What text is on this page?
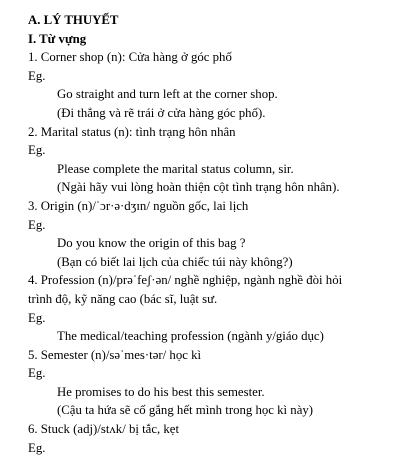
A. LÝ THUYẾT
I. Từ vựng
1. Corner shop (n): Cửa hàng ở góc phố
Eg.
Go straight and turn left at the corner shop.
(Đi thẳng và rẽ trái ở cửa hàng góc phố).
2. Marital status (n): tình trạng hôn nhân
Eg.
Please complete the marital status column, sir.
(Ngài hãy vui lòng hoàn thiện cột tình trạng hôn nhân).
3. Origin (n)/ˈɔr·ə·dʒɪn/ nguồn gốc, lai lịch
Eg.
Do you know the origin of this bag ?
(Bạn có biết lai lịch của chiếc túi này không?)
4. Profession (n)/prəˈfeʃ·ən/ nghề nghiệp, ngành nghề đòi hỏi
trình độ, kỹ năng cao (bác sĩ, luật sư.
Eg.
The medical/teaching profession (ngành y/giáo dục)
5. Semester (n)/səˈmes·tər/ học kì
Eg.
He promises to do his best this semester.
(Cậu ta hứa sẽ cố gắng hết mình trong học kì này)
6. Stuck (adj)/stʌk/ bị tắc, kẹt
Eg.
